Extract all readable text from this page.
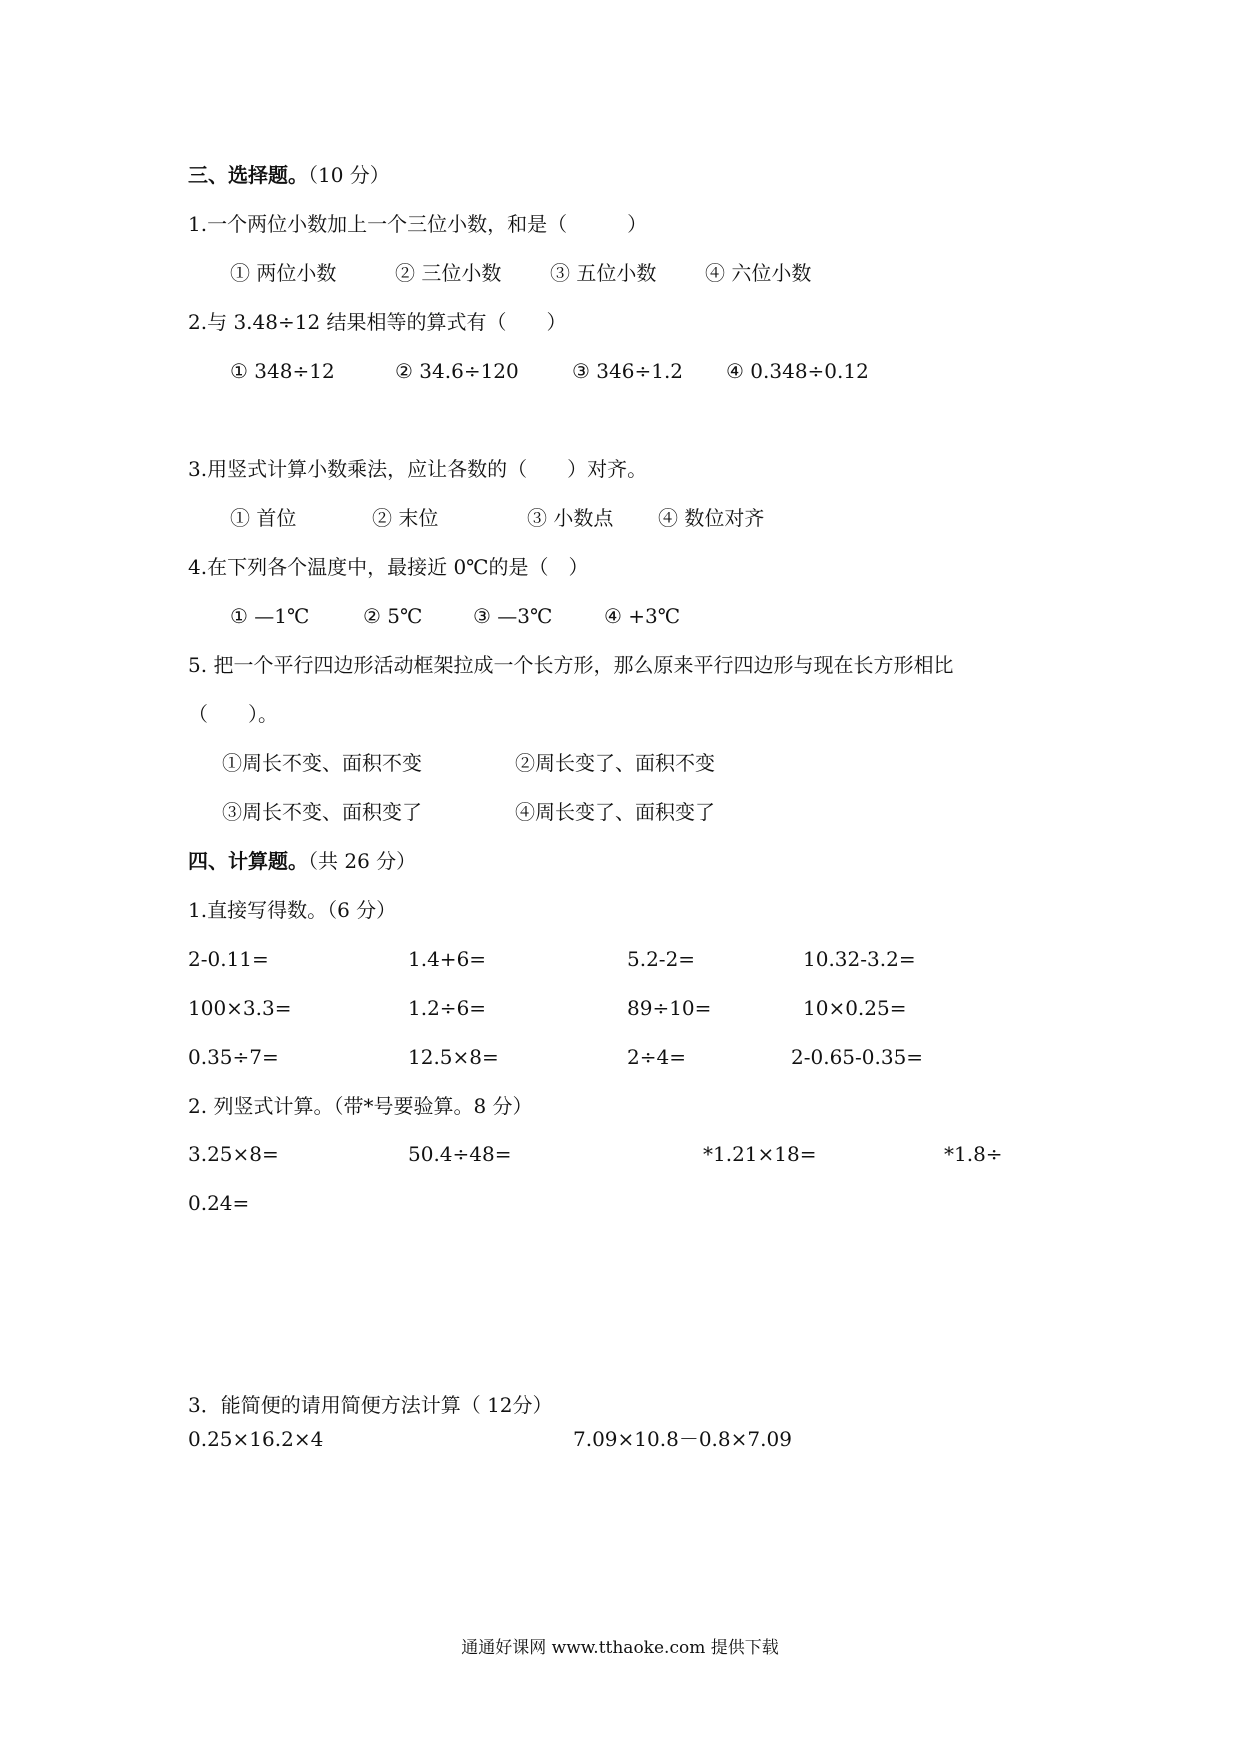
三、选择题。（10 分）
1.一个两位小数加上一个三位小数，和是（　　　）
① 两位小数	② 三位小数 ③ 五位小数 ④ 六位小数
2.与 3.48÷12 结果相等的算式有（　　）
① 348÷12	② 34.6÷120	③ 346÷1.2 ④ 0.348÷0.12
3.用竖式计算小数乘法，应让各数的（　　）对齐。
① 首位	② 末位	③ 小数点 ④ 数位对齐
4.在下列各个温度中，最接近 0℃的是（　）
① —1℃	② 5℃	③ —3℃	④ +3℃
5. 把一个平行四边形活动框架拉成一个长方形，那么原来平行四边形与现在长方形相比
（　　）。
①周长不变、面积不变	②周长变了、面积不变
③周长不变、面积变了	④周长变了、面积变了
四、计算题。（共 26 分）
1.直接写得数。（6 分）
2-0.11=	1.4+6=	5.2-2=	10.32-3.2=
100×3.3=	1.2÷6=	89÷10=	10×0.25=
0.35÷7=	12.5×8=	2÷4=	2-0.65-0.35=
2. 列竖式计算。（带*号要验算。8 分）
3.25×8=	50.4÷48=	*1.21×18=	*1.8÷
0.24=
3．能简便的请用简便方法计算（ 12分）
0.25×16.2×4	7.09×10.8－0.8×7.09
通通好课网 www.tthaoke.com 提供下载
